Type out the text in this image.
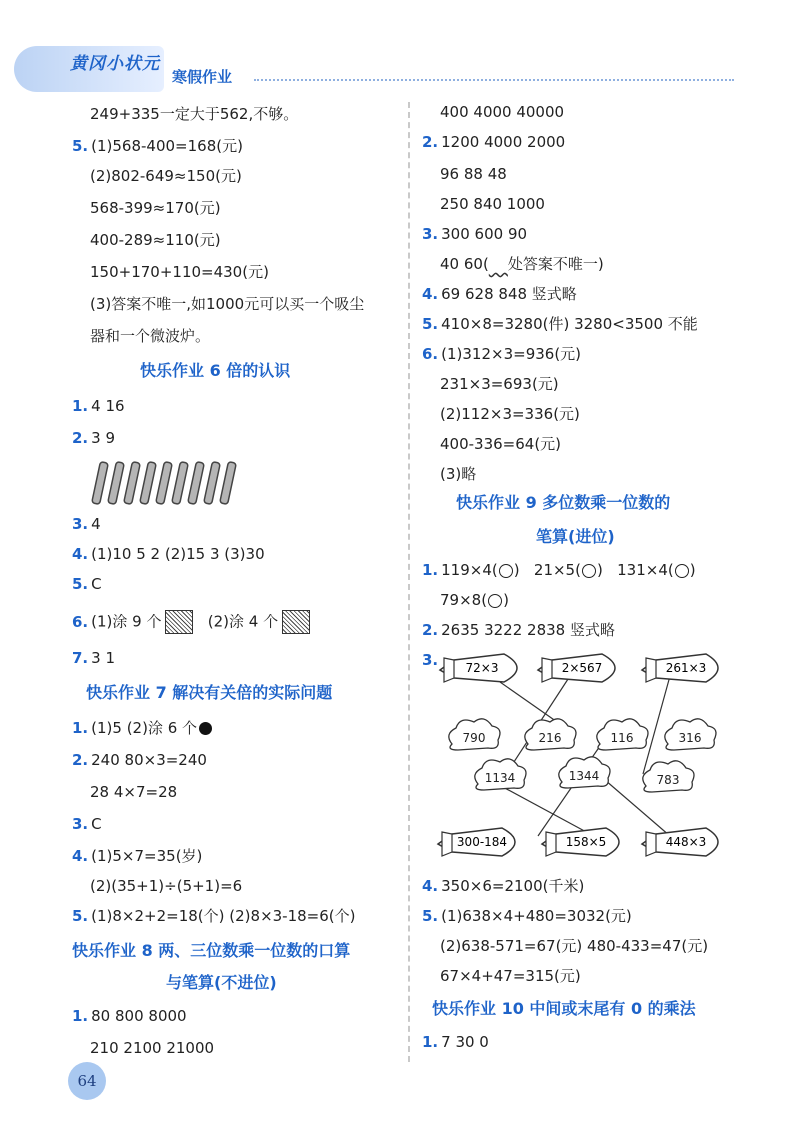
黄冈小状元
寒假作业
249+335一定大于562,不够。
5. (1)568-400=168(元)
(2)802-649≈150(元)
568-399≈170(元)
400-289≈110(元)
150+170+110=430(元)
(3)答案不唯一,如1000元可以买一个吸尘
器和一个微波炉。
快乐作业 6 倍的认识
1. 4 16
2. 3 9
3. 4
4. (1)10 5 2 (2)15 3 (3)30
5. C
6. (1)涂 9 个	(2)涂 4 个
7. 3 1
快乐作业 7 解决有关倍的实际问题
1. (1)5 (2)涂 6 个
2. 240 80×3=240
28 4×7=28
3. C
4. (1)5×7=35(岁)
(2)(35+1)÷(5+1)=6
5. (1)8×2+2=18(个) (2)8×3-18=6(个)
快乐作业 8 两、三位数乘一位数的口算
与笔算(不进位)
1. 80 800 8000
210 2100 21000
64
400 4000 40000
2. 1200 4000 2000
96 88 48
250 840 1000
3. 300 600 90
40 60( 处答案不唯一)
4. 69 628 848 竖式略
5. 410×8=3280(件) 3280<3500 不能
6. (1)312×3=936(元)
231×3=693(元)
(2)112×3=336(元)
400-336=64(元)
(3)略
快乐作业 9 多位数乘一位数的
笔算(进位)
1. 119×4( )   21×5( )   131×4( )
79×8( )
2. 2635 3222 2838 竖式略
3. 72×3	2×567	261×3
790	216	116	316
1134	1344	783
300-184	158×5	448×3
4. 350×6=2100(千米)
5. (1)638×4+480=3032(元)
(2)638-571=67(元) 480-433=47(元)
67×4+47=315(元)
快乐作业 10 中间或末尾有 0 的乘法
1. 7 30 0
